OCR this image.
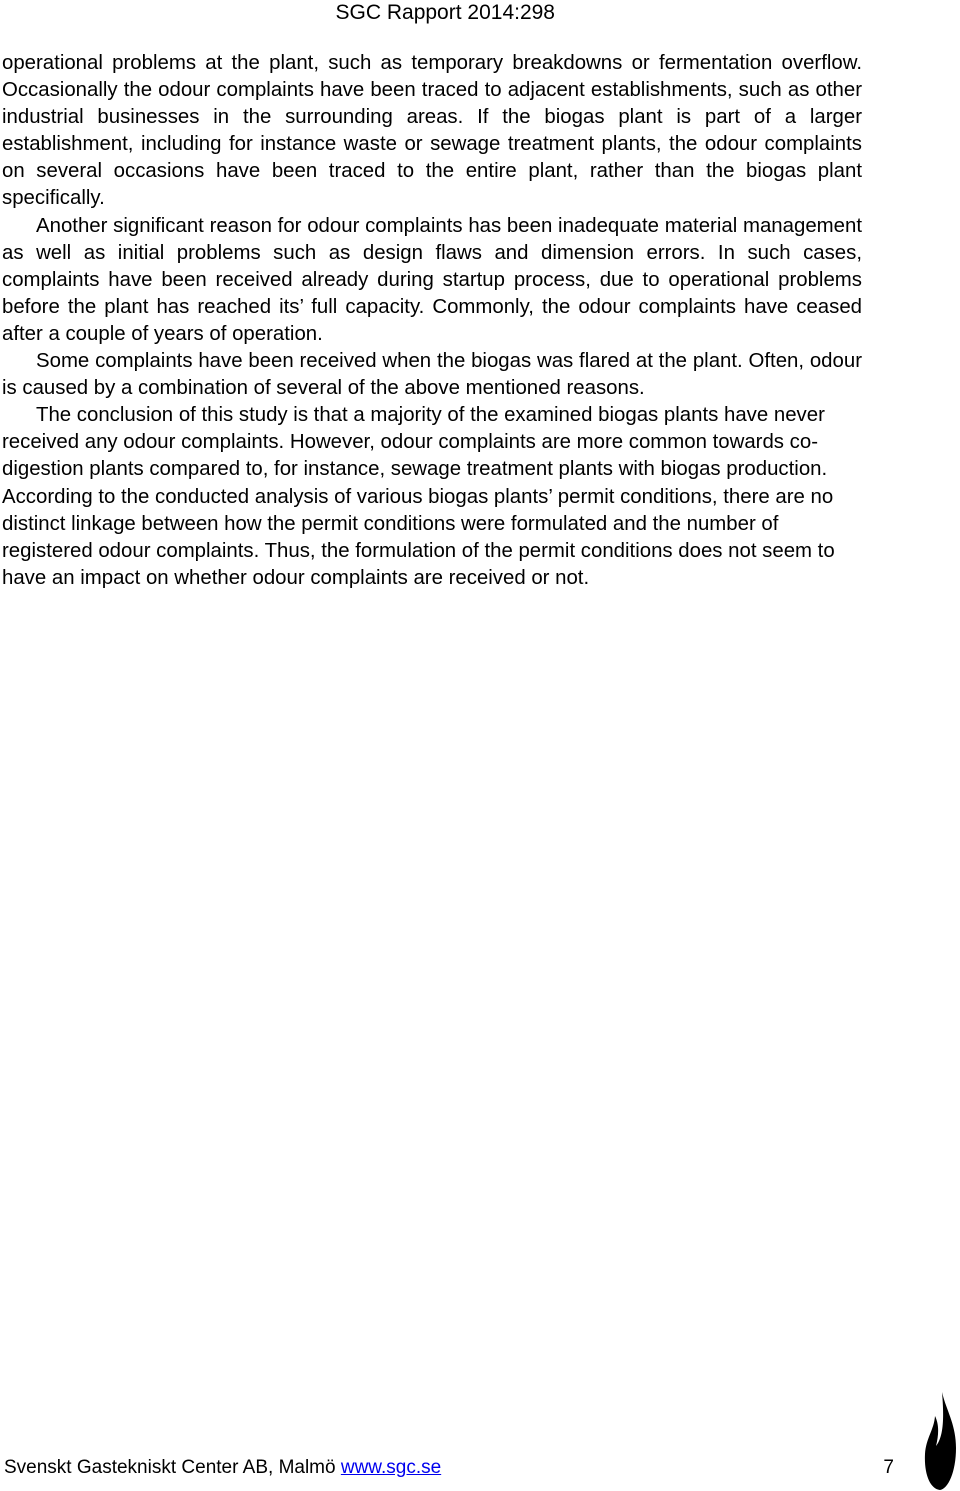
SGC Rapport 2014:298

operational problems at the plant, such as temporary breakdowns or fermentation overflow. Occasionally the odour complaints have been traced to adjacent establishments, such as other industrial businesses in the surrounding areas. If the biogas plant is part of a larger establishment, including for instance waste or sewage treatment plants, the odour complaints on several occasions have been traced to the entire plant, rather than the biogas plant specifically.

Another significant reason for odour complaints has been inadequate material management as well as initial problems such as design flaws and dimension errors. In such cases, complaints have been received already during startup process, due to operational problems before the plant has reached its’ full capacity. Commonly, the odour complaints have ceased after a couple of years of operation.

Some complaints have been received when the biogas was flared at the plant. Often, odour is caused by a combination of several of the above mentioned reasons.

The conclusion of this study is that a majority of the examined biogas plants have never received any odour complaints. However, odour complaints are more common towards co-digestion plants compared to, for instance, sewage treatment plants with biogas production. According to the conducted analysis of various biogas plants’ permit conditions, there are no distinct linkage between how the permit conditions were formulated and the number of registered odour complaints. Thus, the formulation of the permit conditions does not seem to have an impact on whether odour complaints are received or not.

Svenskt Gastekniskt Center AB, Malmö www.sgc.se	7
